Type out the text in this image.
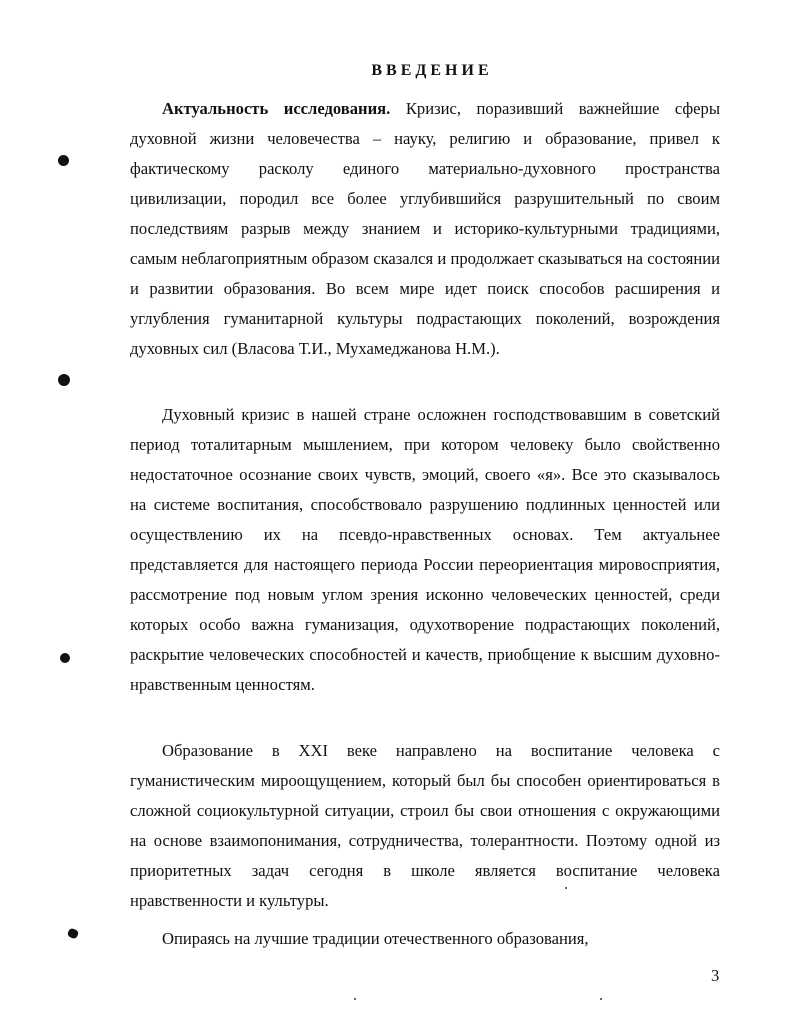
ВВЕДЕНИЕ

Актуальность исследования. Кризис, поразивший важнейшие сферы духовной жизни человечества – науку, религию и образование, привел к фактическому расколу единого материально-духовного пространства цивилизации, породил все более углубившийся разрушительный по своим последствиям разрыв между знанием и историко-культурными традициями, самым неблагоприятным образом сказался и продолжает сказываться на состоянии и развитии образования. Во всем мире идет поиск способов расширения и углубления гуманитарной культуры подрастающих поколений, возрождения духовных сил (Власова Т.И., Мухамеджанова Н.М.).

Духовный кризис в нашей стране осложнен господствовавшим в советский период тоталитарным мышлением, при котором человеку было свойственно недостаточное осознание своих чувств, эмоций, своего «я». Все это сказывалось на системе воспитания, способствовало разрушению подлинных ценностей или осуществлению их на псевдо-нравственных основах. Тем актуальнее представляется для настоящего периода России переориентация мировосприятия, рассмотрение под новым углом зрения исконно человеческих ценностей, среди которых особо важна гуманизация, одухотворение подрастающих поколений, раскрытие человеческих способностей и качеств, приобщение к высшим духовно-нравственным ценностям.

Образование в XXI веке направлено на воспитание человека с гуманистическим мироощущением, который был бы способен ориентироваться в сложной социокультурной ситуации, строил бы свои отношения с окружающими на основе взаимопонимания, сотрудничества, толерантности. Поэтому одной из приоритетных задач сегодня в школе является воспитание человека нравственности и культуры.

Опираясь на лучшие традиции отечественного образования,

3
